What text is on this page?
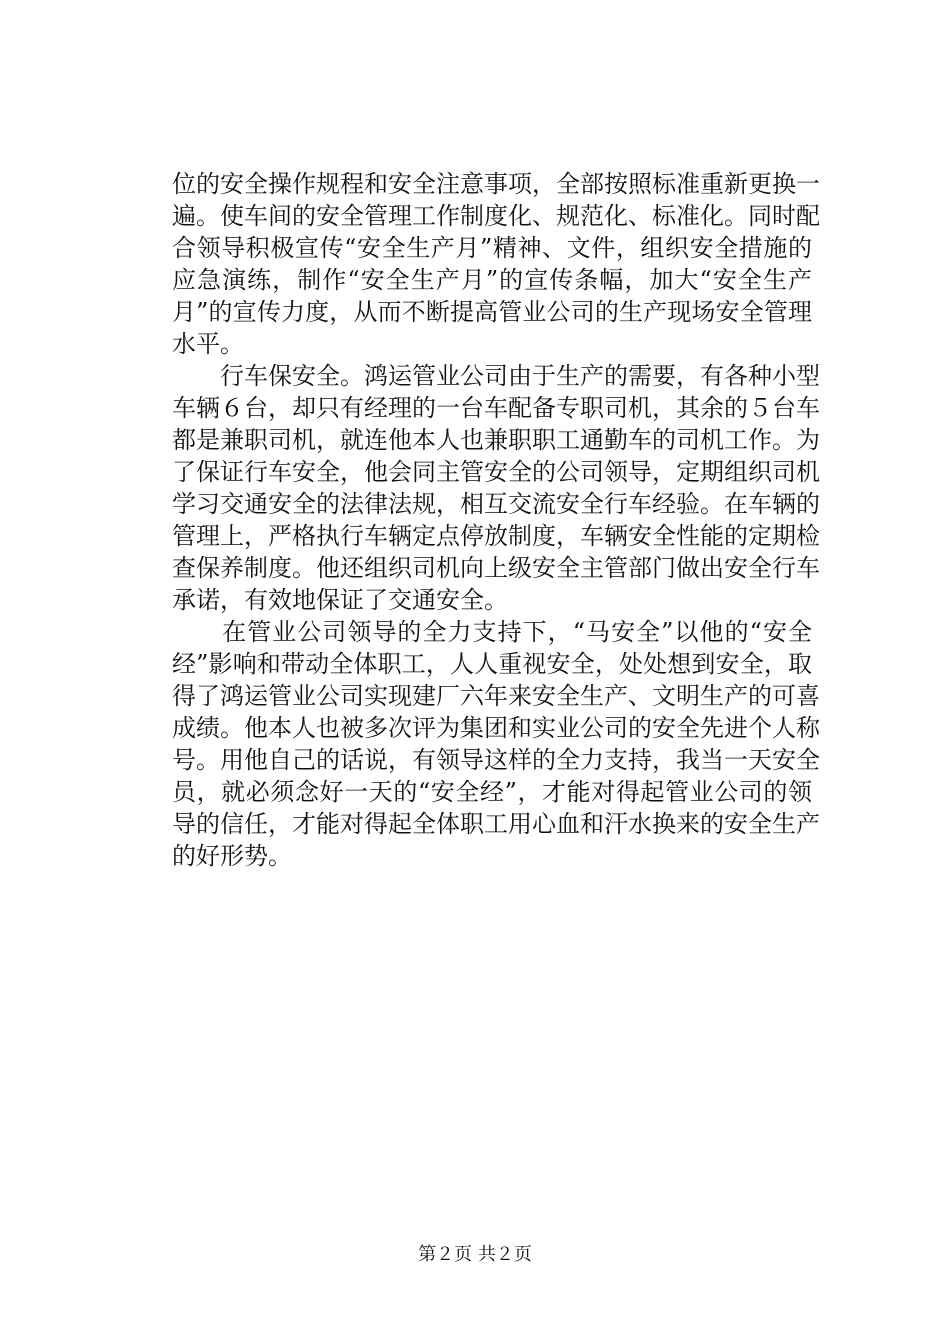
位的安全操作规程和安全注意事项，全部按照标准重新更换一
遍。使车间的安全管理工作制度化、规范化、标准化。同时配
合领导积极宣传“安全生产月”精神、文件，组织安全措施的
应急演练，制作“安全生产月”的宣传条幅，加大“安全生产
月”的宣传力度，从而不断提高管业公司的生产现场安全管理
水平。
　　行车保安全。鸿运管业公司由于生产的需要，有各种小型
车辆６台，却只有经理的一台车配备专职司机，其余的５台车
都是兼职司机，就连他本人也兼职职工通勤车的司机工作。为
了保证行车安全，他会同主管安全的公司领导，定期组织司机
学习交通安全的法律法规，相互交流安全行车经验。在车辆的
管理上，严格执行车辆定点停放制度，车辆安全性能的定期检
查保养制度。他还组织司机向上级安全主管部门做出安全行车
承诺，有效地保证了交通安全。
　　在管业公司领导的全力支持下，“马安全”以他的“安全
经”影响和带动全体职工，人人重视安全，处处想到安全，取
得了鸿运管业公司实现建厂六年来安全生产、文明生产的可喜
成绩。他本人也被多次评为集团和实业公司的安全先进个人称
号。用他自己的话说，有领导这样的全力支持，我当一天安全
员，就必须念好一天的“安全经”，才能对得起管业公司的领
导的信任，才能对得起全体职工用心血和汗水换来的安全生产
的好形势。
第２页 共２页
